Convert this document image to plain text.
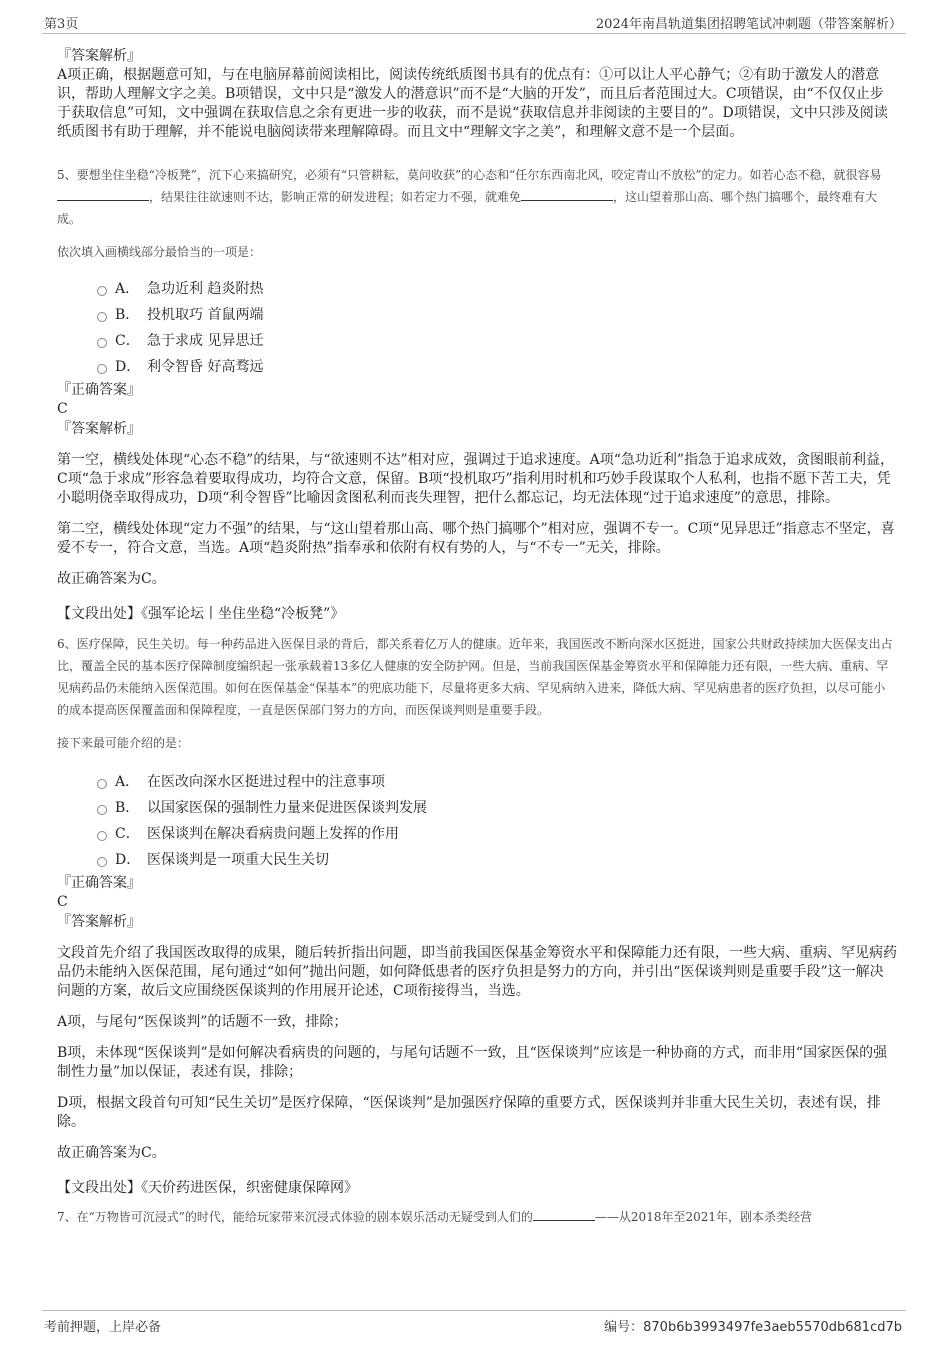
第3页	2024年南昌轨道集团招聘笔试冲刺题（带答案解析）
『答案解析』

A项正确，根据题意可知，与在电脑屏幕前阅读相比，阅读传统纸质图书具有的优点有：①可以让人平心静气；②有助于激发人的潜意识，帮助人理解文字之美。B项错误，文中只是“激发人的潜意识”而不是“大脑的开发”，而且后者范围过大。C项错误，由“不仅仅止步于获取信息”可知，文中强调在获取信息之余有更进一步的收获，而不是说“获取信息并非阅读的主要目的”。D项错误，文中只涉及阅读纸质图书有助于理解，并不能说电脑阅读带来理解障碍。而且文中“理解文字之美”，和理解文意不是一个层面。

5、要想坐住坐稳“冷板凳”，沉下心来搞研究，必须有“只管耕耘，莫问收获”的心态和“任尔东西南北风，咬定青山不放松”的定力。如若心态不稳，就很容易，结果往往欲速则不达，影响正常的研发进程；如若定力不强，就难免	，这山望着那山高、哪个热门搞哪个，最终难有大成。

依次填入画横线部分最恰当的一项是：

A． 急功近利 趋炎附热
B． 投机取巧 首鼠两端
C． 急于求成 见异思迁
D． 利令智昏 好高骛远
『正确答案』
C
『答案解析』

第一空，横线处体现“心态不稳”的结果，与“欲速则不达”相对应，强调过于追求速度。A项“急功近利”指急于追求成效，贪图眼前利益，C项“急于求成”形容急着要取得成功，均符合文意，保留。B项“投机取巧”指利用时机和巧妙手段谋取个人私利，也指不愿下苦工夫，凭小聪明侥幸取得成功，D项“利令智昏”比喻因贪图私利而丧失理智，把什么都忘记，均无法体现“过于追求速度”的意思，排除。

第二空，横线处体现“定力不强”的结果，与“这山望着那山高、哪个热门搞哪个”相对应，强调不专一。C项“见异思迁”指意志不坚定，喜爱不专一，符合文意，当选。A项“趋炎附热”指奉承和依附有权有势的人，与“不专一”无关，排除。

故正确答案为C。

【文段出处】《强军论坛丨坐住坐稳“冷板凳”》

6、医疗保障，民生关切。每一种药品进入医保目录的背后，都关系着亿万人的健康。近年来，我国医改不断向深水区挺进，国家公共财政持续加大医保支出占比，覆盖全民的基本医疗保障制度编织起一张承载着13多亿人健康的安全防护网。但是，当前我国医保基金筹资水平和保障能力还有限，一些大病、重病、罕见病药品仍未能纳入医保范围。如何在医保基金“保基本”的兜底功能下，尽量将更多大病、罕见病纳入进来，降低大病、罕见病患者的医疗负担，以尽可能小的成本提高医保覆盖面和保障程度，一直是医保部门努力的方向，而医保谈判则是重要手段。

接下来最可能介绍的是：

A． 在医改向深水区挺进过程中的注意事项
B． 以国家医保的强制性力量来促进医保谈判发展
C． 医保谈判在解决看病贵问题上发挥的作用
D． 医保谈判是一项重大民生关切
『正确答案』
C
『答案解析』

文段首先介绍了我国医改取得的成果，随后转折指出问题，即当前我国医保基金筹资水平和保障能力还有限，一些大病、重病、罕见病药品仍未能纳入医保范围，尾句通过“如何”抛出问题，如何降低患者的医疗负担是努力的方向，并引出“医保谈判则是重要手段”这一解决问题的方案，故后文应围绕医保谈判的作用展开论述，C项衔接得当，当选。

A项，与尾句“医保谈判”的话题不一致，排除；

B项，未体现“医保谈判”是如何解决看病贵的问题的，与尾句话题不一致，且“医保谈判”应该是一种协商的方式，而非用“国家医保的强制性力量”加以保证，表述有误，排除；

D项，根据文段首句可知“民生关切”是医疗保障，“医保谈判”是加强医疗保障的重要方式，医保谈判并非重大民生关切，表述有误，排除。

故正确答案为C。

【文段出处】《天价药进医保，织密健康保障网》

7、在“万物皆可沉浸式”的时代，能给玩家带来沉浸式体验的剧本娱乐活动无疑受到人们的	——从2018年至2021年，剧本杀类经营

考前押题，上岸必备	编号：870b6b3993497fe3aeb5570db681cd7b
